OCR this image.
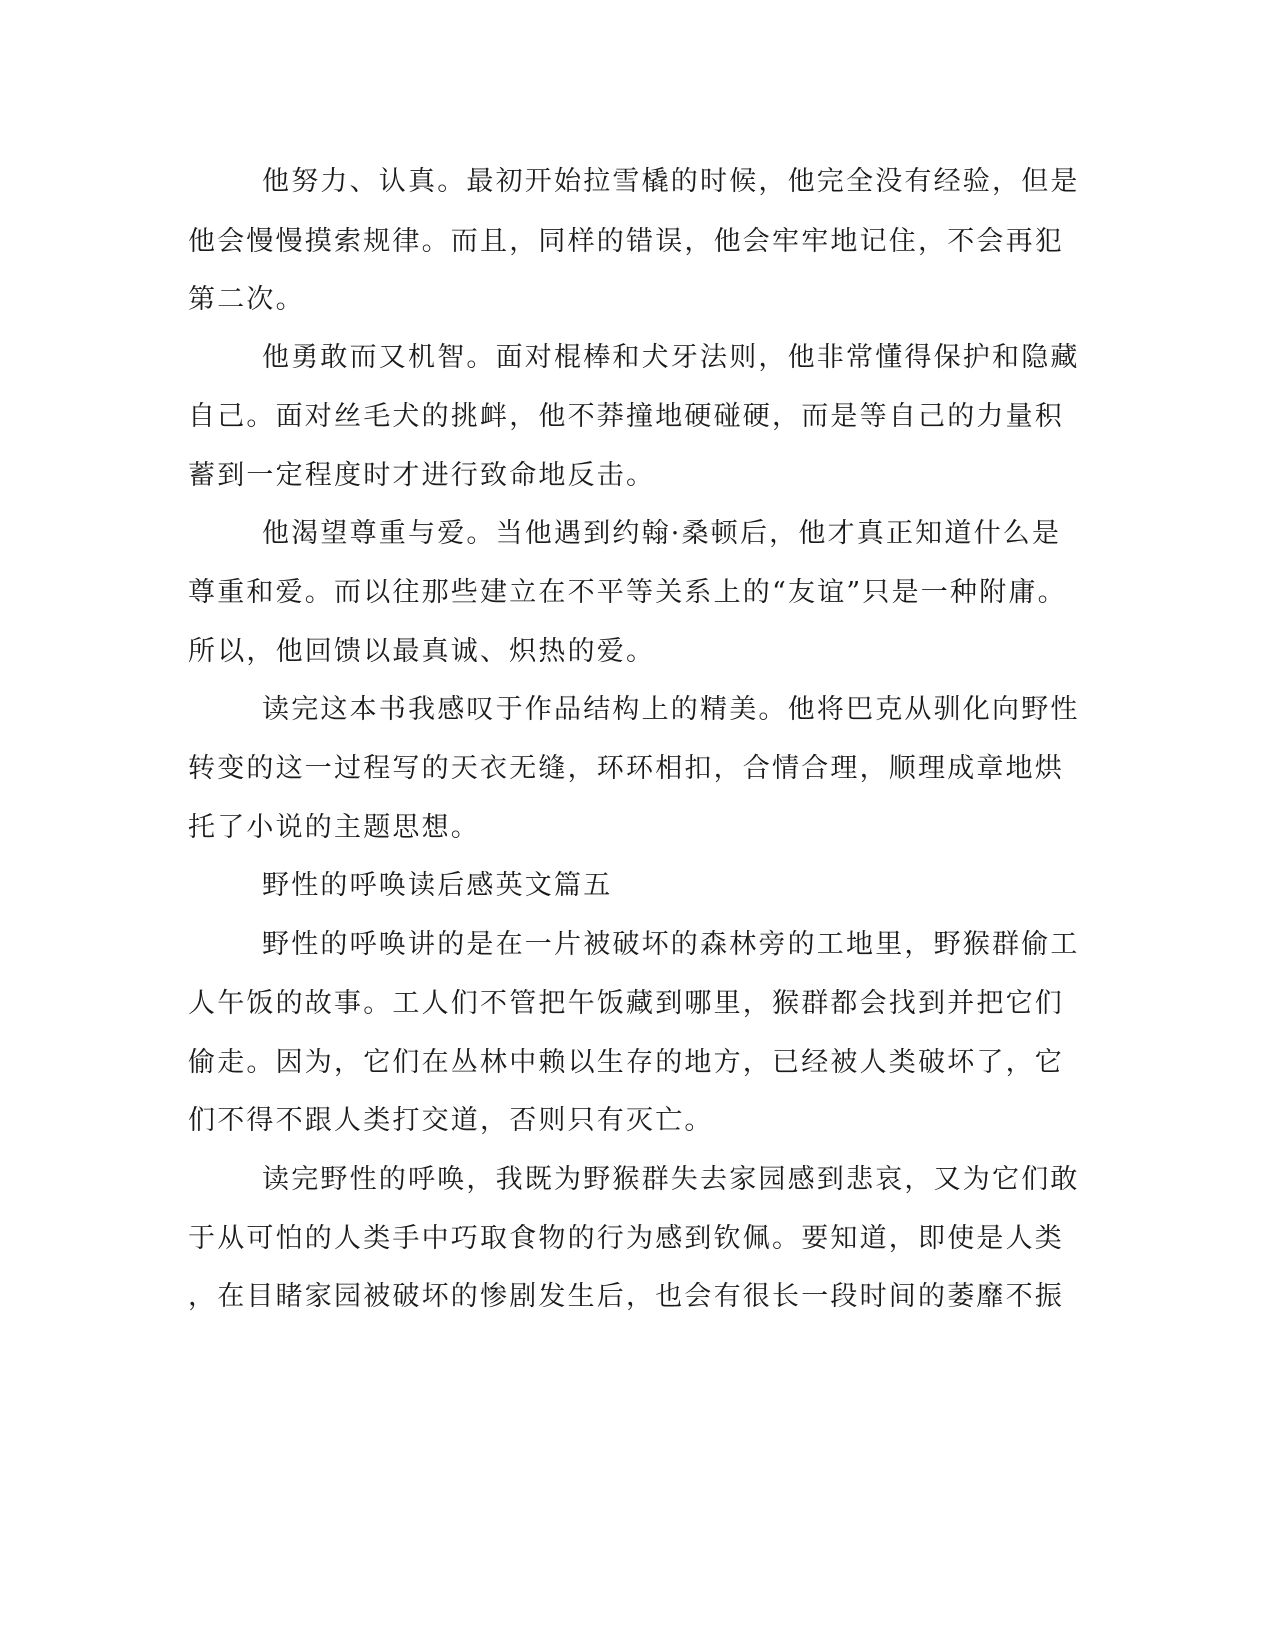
他努力、认真。最初开始拉雪橇的时候，他完全没有经验，但是
他会慢慢摸索规律。而且，同样的错误，他会牢牢地记住，不会再犯
第二次。
他勇敢而又机智。面对棍棒和犬牙法则，他非常懂得保护和隐藏
自己。面对丝毛犬的挑衅，他不莽撞地硬碰硬，而是等自己的力量积
蓄到一定程度时才进行致命地反击。
他渴望尊重与爱。当他遇到约翰·桑顿后，他才真正知道什么是
尊重和爱。而以往那些建立在不平等关系上的“友谊”只是一种附庸。
所以，他回馈以最真诚、炽热的爱。
读完这本书我感叹于作品结构上的精美。他将巴克从驯化向野性
转变的这一过程写的天衣无缝，环环相扣，合情合理，顺理成章地烘
托了小说的主题思想。
野性的呼唤读后感英文篇五
野性的呼唤讲的是在一片被破坏的森林旁的工地里，野猴群偷工
人午饭的故事。工人们不管把午饭藏到哪里，猴群都会找到并把它们
偷走。因为，它们在丛林中赖以生存的地方，已经被人类破坏了，它
们不得不跟人类打交道，否则只有灭亡。
读完野性的呼唤，我既为野猴群失去家园感到悲哀，又为它们敢
于从可怕的人类手中巧取食物的行为感到钦佩。要知道，即使是人类
，在目睹家园被破坏的惨剧发生后，也会有很长一段时间的萎靡不振
